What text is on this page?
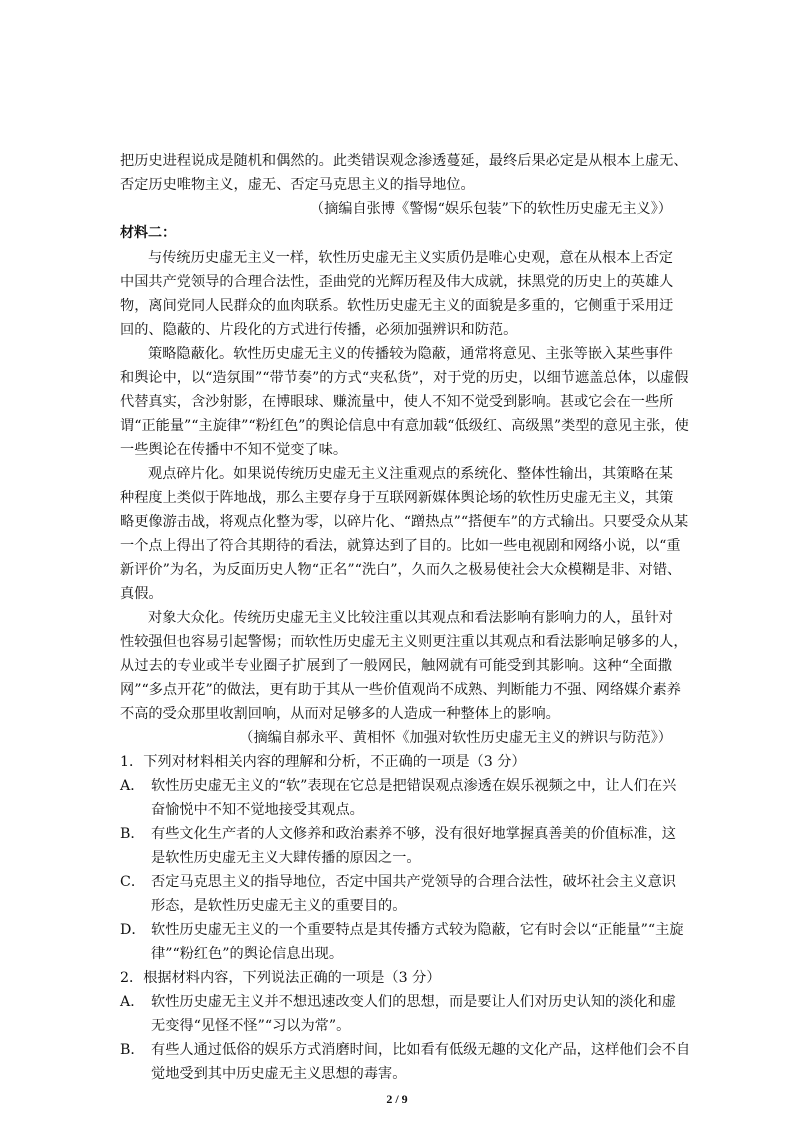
把历史进程说成是随机和偶然的。此类错误观念渗透蔓延，最终后果必定是从根本上虚无、
否定历史唯物主义，虚无、否定马克思主义的指导地位。
（摘编自张博《警惕“娱乐包装”下的软性历史虚无主义》）
材料二：
与传统历史虚无主义一样，软性历史虚无主义实质仍是唯心史观，意在从根本上否定
中国共产党领导的合理合法性，歪曲党的光辉历程及伟大成就，抹黑党的历史上的英雄人
物，离间党同人民群众的血肉联系。软性历史虚无主义的面貌是多重的，它侧重于采用迂
回的、隐蔽的、片段化的方式进行传播，必须加强辨识和防范。
策略隐蔽化。软性历史虚无主义的传播较为隐蔽，通常将意见、主张等嵌入某些事件
和舆论中，以“造氛围”“带节奏”的方式“夹私货”，对于党的历史，以细节遮盖总体，以虚假
代替真实，含沙射影，在博眼球、赚流量中，使人不知不觉受到影响。甚或它会在一些所
谓“正能量”“主旋律”“粉红色”的舆论信息中有意加载“低级红、高级黑”类型的意见主张，使
一些舆论在传播中不知不觉变了味。
观点碎片化。如果说传统历史虚无主义注重观点的系统化、整体性输出，其策略在某
种程度上类似于阵地战，那么主要存身于互联网新媒体舆论场的软性历史虚无主义，其策
略更像游击战，将观点化整为零，以碎片化、“蹭热点”“搭便车”的方式输出。只要受众从某
一个点上得出了符合其期待的看法，就算达到了目的。比如一些电视剧和网络小说，以“重
新评价”为名，为反面历史人物“正名”“洗白”，久而久之极易使社会大众模糊是非、对错、
真假。
对象大众化。传统历史虚无主义比较注重以其观点和看法影响有影响力的人，虽针对
性较强但也容易引起警惕；而软性历史虚无主义则更注重以其观点和看法影响足够多的人，
从过去的专业或半专业圈子扩展到了一般网民，触网就有可能受到其影响。这种“全面撒
网”“多点开花”的做法，更有助于其从一些价值观尚不成熟、判断能力不强、网络媒介素养
不高的受众那里收割回响，从而对足够多的人造成一种整体上的影响。
（摘编自郝永平、黄相怀《加强对软性历史虚无主义的辨识与防范》）
1．下列对材料相关内容的理解和分析，不正确的一项是（3 分）
A． 软性历史虚无主义的“软”表现在它总是把错误观点渗透在娱乐视频之中，让人们在兴
奋愉悦中不知不觉地接受其观点。
B． 有些文化生产者的人文修养和政治素养不够，没有很好地掌握真善美的价值标准，这
是软性历史虚无主义大肆传播的原因之一。
C． 否定马克思主义的指导地位，否定中国共产党领导的合理合法性，破坏社会主义意识
形态，是软性历史虚无主义的重要目的。
D． 软性历史虚无主义的一个重要特点是其传播方式较为隐蔽，它有时会以“正能量”“主旋
律”“粉红色”的舆论信息出现。
2．根据材料内容，下列说法正确的一项是（3 分）
A． 软性历史虚无主义并不想迅速改变人们的思想，而是要让人们对历史认知的淡化和虚
无变得“见怪不怪”“习以为常”。
B． 有些人通过低俗的娱乐方式消磨时间，比如看有低级无趣的文化产品，这样他们会不自
觉地受到其中历史虚无主义思想的毒害。
2 / 9
